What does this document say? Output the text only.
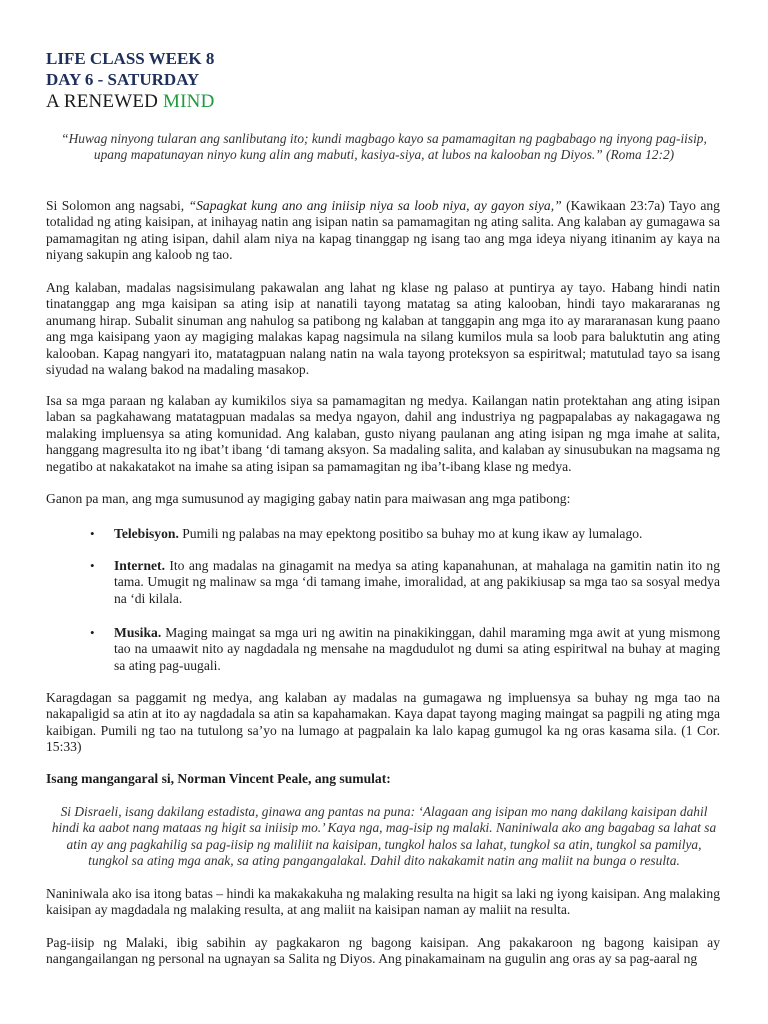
LIFE CLASS WEEK 8

DAY 6 - SATURDAY

A RENEWED MIND

“Huwag ninyong tularan ang sanlibutang ito; kundi magbago kayo sa pamamagitan ng pagbabago ng inyong pag-iisip, upang mapatunayan ninyo kung alin ang mabuti, kasiya-siya, at lubos na kalooban ng Diyos.” (Roma 12:2)

Si Solomon ang nagsabi, “Sapagkat kung ano ang iniisip niya sa loob niya, ay gayon siya,” (Kawikaan 23:7a) Tayo ang totalidad ng ating kaisipan, at inihayag natin ang isipan natin sa pamamagitan ng ating salita. Ang kalaban ay gumagawa sa pamamagitan ng ating isipan, dahil alam niya na kapag tinanggap ng isang tao ang mga ideya niyang itinanim ay kaya na niyang sakupin ang kaloob ng tao.

Ang kalaban, madalas nagsisimulang pakawalan ang lahat ng klase ng palaso at puntirya ay tayo. Habang hindi natin tinatanggap ang mga kaisipan sa ating isip at nanatili tayong matatag sa ating kalooban, hindi tayo makararanas ng anumang hirap. Subalit sinuman ang nahulog sa patibong ng kalaban at tanggapin ang mga ito ay mararanasan kung paano ang mga kaisipang yaon ay magiging malakas kapag nagsimula na silang kumilos mula sa loob para baluktutin ang ating kalooban. Kapag nangyari ito, matatagpuan nalang natin na wala tayong proteksyon sa espiritwal; matutulad tayo sa isang siyudad na walang bakod na madaling masakop.

Isa sa mga paraan ng kalaban ay kumikilos siya sa pamamagitan ng medya. Kailangan natin protektahan ang ating isipan laban sa pagkahawang matatagpuan madalas sa medya ngayon, dahil ang industriya ng pagpapalabas ay nakagagawa ng malaking impluensya sa ating komunidad. Ang kalaban, gusto niyang paulanan ang ating isipan ng mga imahe at salita, hanggang magresulta ito ng ibat’t ibang ‘di tamang aksyon. Sa madaling salita, and kalaban ay sinusubukan na magsama ng negatibo at nakakatakot na imahe sa ating isipan sa pamamagitan ng iba’t-ibang klase ng medya.

Ganon pa man, ang mga sumusunod ay magiging gabay natin para maiwasan ang mga patibong:

•	Telebisyon. Pumili ng palabas na may epektong positibo sa buhay mo at kung ikaw ay lumalago.

•	Internet. Ito ang madalas na ginagamit na medya sa ating kapanahunan, at mahalaga na gamitin natin ito ng tama. Umugit ng malinaw sa mga ‘di tamang imahe, imoralidad, at ang pakikiusap sa mga tao sa sosyal medya na ‘di kilala.

•	Musika. Maging maingat sa mga uri ng awitin na pinakikinggan, dahil maraming mga awit at yung mismong tao na umaawit nito ay nagdadala ng mensahe na magdudulot ng dumi sa ating espiritwal na buhay at maging sa ating pag-uugali.

Karagdagan sa paggamit ng medya, ang kalaban ay madalas na gumagawa ng impluensya sa buhay ng mga tao na nakapaligid sa atin at ito ay nagdadala sa atin sa kapahamakan. Kaya dapat tayong maging maingat sa pagpili ng ating mga kaibigan. Pumili ng tao na tutulong sa’yo na lumago at pagpalain ka lalo kapag gumugol ka ng oras kasama sila. (1 Cor. 15:33)

Isang mangangaral si, Norman Vincent Peale, ang sumulat:

Si Disraeli, isang dakilang estadista, ginawa ang pantas na puna: ‘Alagaan ang isipan mo nang dakilang kaisipan dahil hindi ka aabot nang mataas ng higit sa iniisip mo.’ Kaya nga, mag-isip ng malaki. Naniniwala ako ang bagabag sa lahat sa atin ay ang pagkahilig sa pag-iisip ng maliliit na kaisipan, tungkol halos sa lahat, tungkol sa atin, tungkol sa pamilya, tungkol sa ating mga anak, sa ating pangangalakal. Dahil dito nakakamit natin ang maliit na bunga o resulta.

Naniniwala ako isa itong batas – hindi ka makakakuha ng malaking resulta na higit sa laki ng iyong kaisipan. Ang malaking kaisipan ay magdadala ng malaking resulta, at ang maliit na kaisipan naman ay maliit na resulta.

Pag-iisip ng Malaki, ibig sabihin ay pagkakaron ng bagong kaisipan. Ang pakakaroon ng bagong kaisipan ay nangangailangan ng personal na ugnayan sa Salita ng Diyos. Ang pinakamainam na gugulin ang oras ay sa pag-aaral ng
